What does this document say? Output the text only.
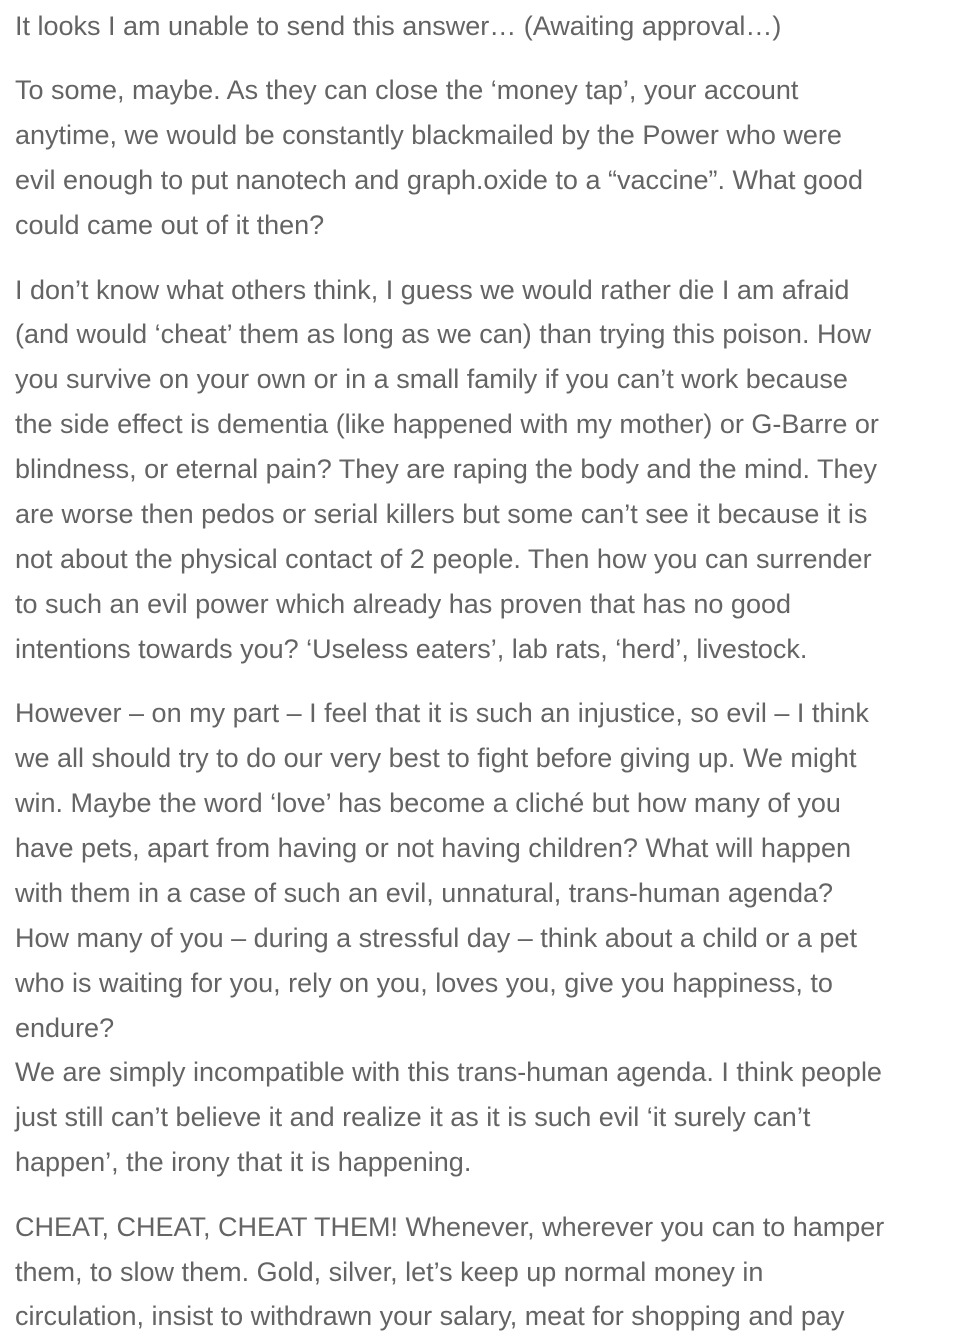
It looks I am unable to send this answer… (Awaiting approval…)

To some, maybe. As they can close the ‘money tap’, your account
anytime, we would be constantly blackmailed by the Power who were
evil enough to put nanotech and graph.oxide to a “vaccine”. What good
could came out of it then?

I don’t know what others think, I guess we would rather die I am afraid
(and would ‘cheat’ them as long as we can) than trying this poison. How
you survive on your own or in a small family if you can’t work because
the side effect is dementia (like happened with my mother) or G-Barre or
blindness, or eternal pain? They are raping the body and the mind. They
are worse then pedos or serial killers but some can’t see it because it is
not about the physical contact of 2 people. Then how you can surrender
to such an evil power which already has proven that has no good
intentions towards you? ‘Useless eaters’, lab rats, ‘herd’, livestock.

However – on my part – I feel that it is such an injustice, so evil – I think
we all should try to do our very best to fight before giving up. We might
win. Maybe the word ‘love’ has become a cliché but how many of you
have pets, apart from having or not having children? What will happen
with them in a case of such an evil, unnatural, trans-human agenda?
How many of you – during a stressful day – think about a child or a pet
who is waiting for you, rely on you, loves you, give you happiness, to
endure?
We are simply incompatible with this trans-human agenda. I think people
just still can’t believe it and realize it as it is such evil ‘it surely can’t
happen’, the irony that it is happening.

CHEAT, CHEAT, CHEAT THEM! Whenever, wherever you can to hamper
them, to slow them. Gold, silver, let’s keep up normal money in
circulation, insist to withdrawn your salary, meat for shopping and pay
